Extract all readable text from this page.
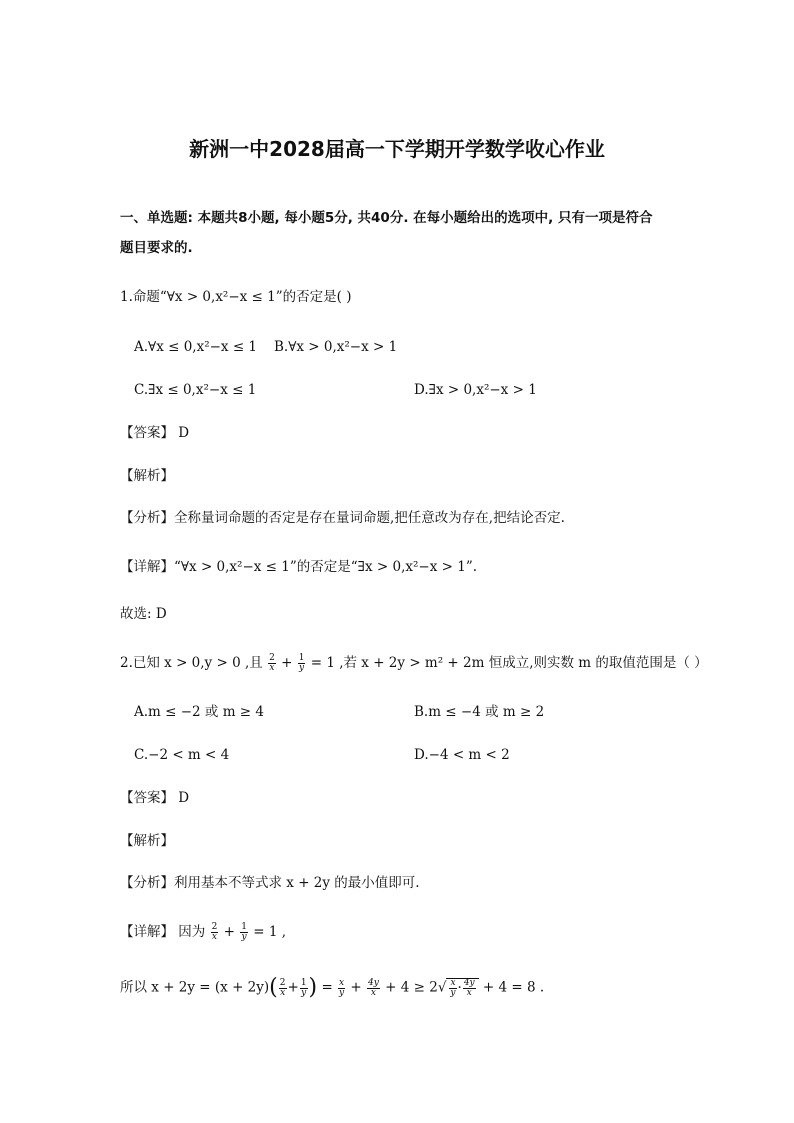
新洲一中2028届高一下学期开学数学收心作业
一、单选题: 本题共8小题, 每小题5分, 共40分. 在每小题给出的选项中, 只有一项是符合
题目要求的.
1.命题“∀x > 0,x²−x ≤ 1”的否定是( )
A.∀x ≤ 0,x²−x ≤ 1 B.∀x > 0,x²−x > 1
C.∃x ≤ 0,x²−x ≤ 1	D.∃x > 0,x²−x > 1
【答案】 D
【解析】
【分析】全称量词命题的否定是存在量词命题,把任意改为存在,把结论否定.
【详解】“∀x > 0,x²−x ≤ 1”的否定是“∃x > 0,x²−x > 1”.
故选: D
2.已知 x > 0,y > 0 ,且 $\frac{2}{x} + \frac{1}{y} = 1$ ,若 x + 2y > m² + 2m 恒成立,则实数 m 的取值范围是（ ）
A.m ≤ −2 或 m ≥ 4	B.m ≤ −4 或 m ≥ 2
C.−2 < m < 4	D.−4 < m < 2
【答案】 D
【解析】
【分析】利用基本不等式求 x + 2y 的最小值即可.
【详解】 因为 $\frac{2}{x} + \frac{1}{y} = 1$ ,
所以 $x + 2y = (x + 2y)( \frac{2}{x} + \frac{1}{y}$ ) = $\frac{x}{y} + \frac{4y}{x} + 4 \ge 2√ \frac{x}{y} \cdot \frac{4y}{x} + 4 = 8$ .
